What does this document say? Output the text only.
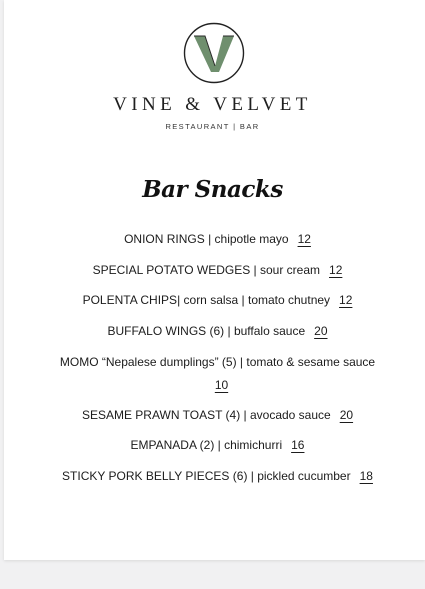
VINE & VELVET
RESTAURANT | BAR
Bar Snacks
ONION RINGS | chipotle mayo 12
SPECIAL POTATO WEDGES | sour cream 12
POLENTA CHIPS| corn salsa | tomato chutney 12
BUFFALO WINGS (6) | buffalo sauce 20
MOMO “Nepalese dumplings” (5) | tomato & sesame sauce
10
SESAME PRAWN TOAST (4) | avocado sauce 20
EMPANADA (2) | chimichurri 16
STICKY PORK BELLY PIECES (6) | pickled cucumber 18
